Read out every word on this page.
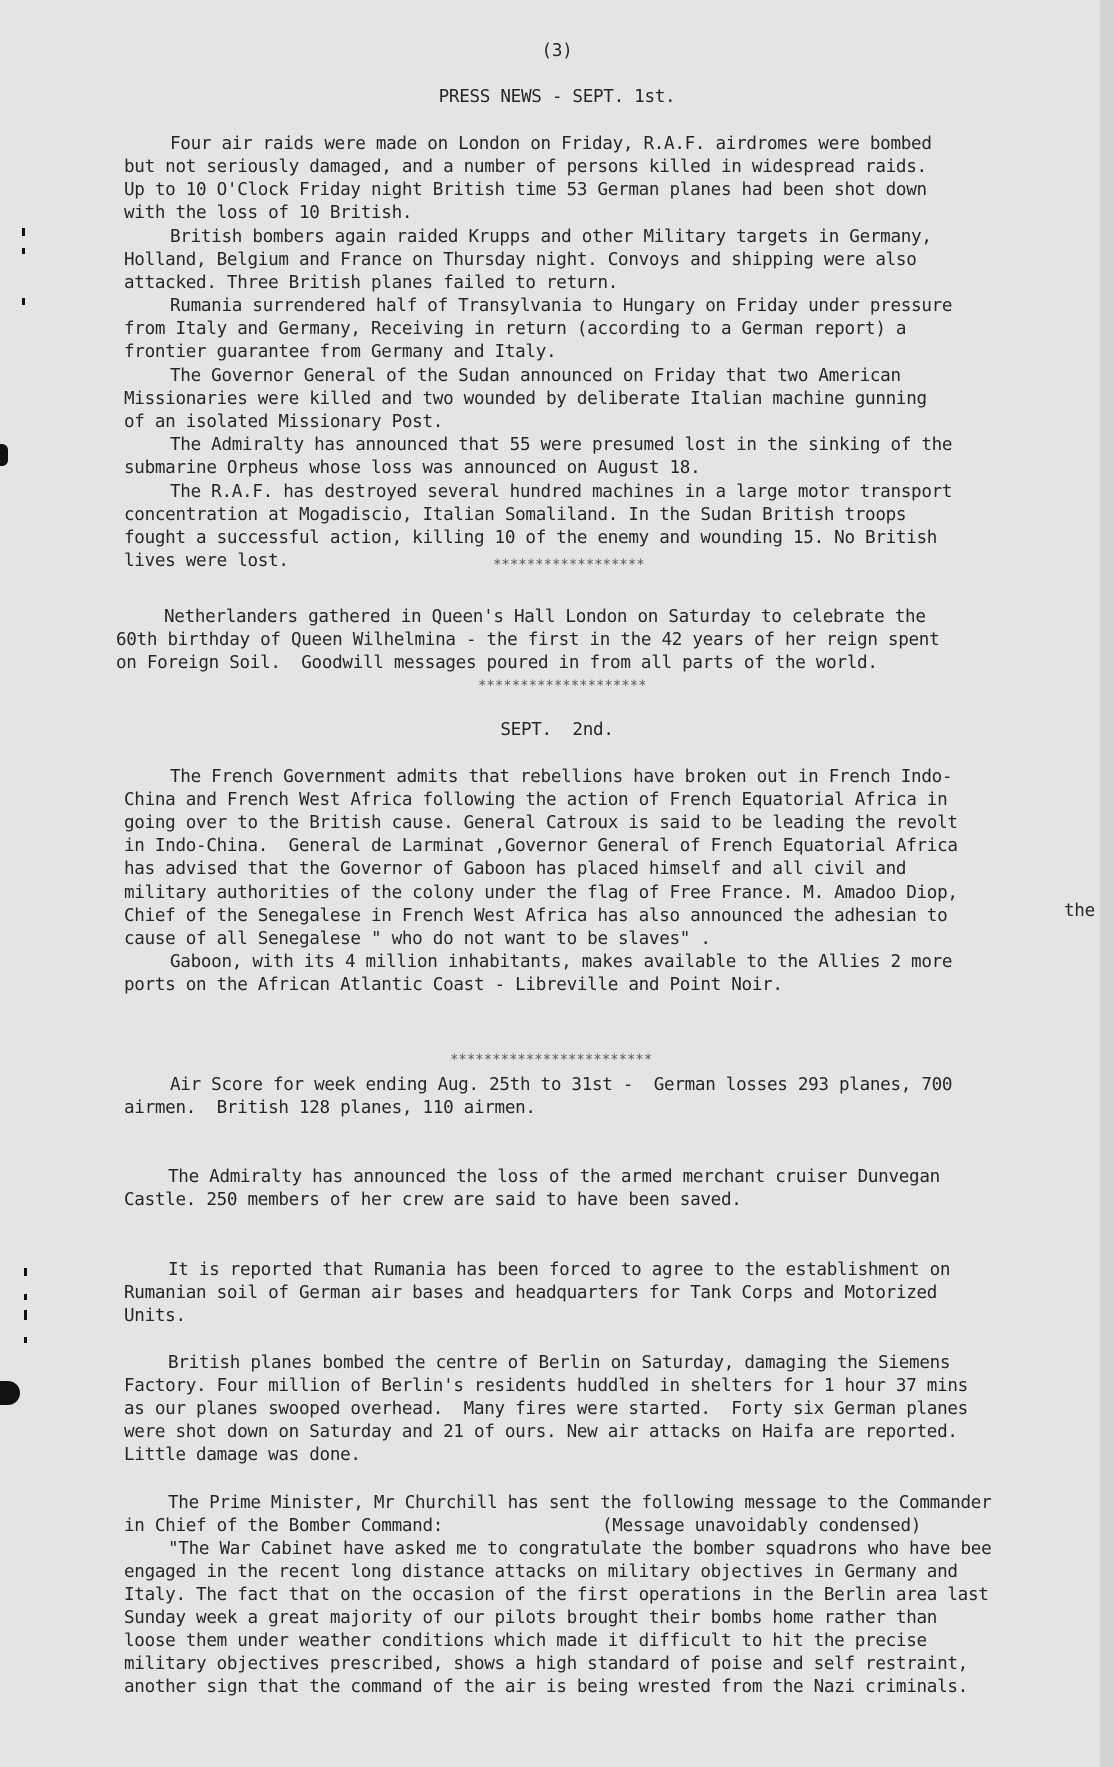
(3)
PRESS NEWS - SEPT. 1st.
Four air raids were made on London on Friday, R.A.F. airdromes were bombed
but not seriously damaged, and a number of persons killed in widespread raids.
Up to 10 O'Clock Friday night British time 53 German planes had been shot down
with the loss of 10 British.
British bombers again raided Krupps and other Military targets in Germany,
Holland, Belgium and France on Thursday night. Convoys and shipping were also
attacked. Three British planes failed to return.
Rumania surrendered half of Transylvania to Hungary on Friday under pressure
from Italy and Germany, Receiving in return (according to a German report) a
frontier guarantee from Germany and Italy.
The Governor General of the Sudan announced on Friday that two American
Missionaries were killed and two wounded by deliberate Italian machine gunning
of an isolated Missionary Post.
The Admiralty has announced that 55 were presumed lost in the sinking of the
submarine Orpheus whose loss was announced on August 18.
The R.A.F. has destroyed several hundred machines in a large motor transport
concentration at Mogadiscio, Italian Somaliland. In the Sudan British troops
fought a successful action, killing 10 of the enemy and wounding 15. No British
lives were lost.	******************
Netherlanders gathered in Queen's Hall London on Saturday to celebrate the
60th birthday of Queen Wilhelmina - the first in the 42 years of her reign spent
on Foreign Soil.  Goodwill messages poured in from all parts of the world.
********************
SEPT.  2nd.
The French Government admits that rebellions have broken out in French Indo-
China and French West Africa following the action of French Equatorial Africa in
going over to the British cause. General Catroux is said to be leading the revolt
in Indo-China.  General de Larminat ,Governor General of French Equatorial Africa
has advised that the Governor of Gaboon has placed himself and all civil and
military authorities of the colony under the flag of Free France. M. Amadoo Diop,
Chief of the Senegalese in French West Africa has also announced the adhesian to
cause of all Senegalese " who do not want to be slaves" .
Gaboon, with its 4 million inhabitants, makes available to the Allies 2 more
ports on the African Atlantic Coast - Libreville and Point Noir.
the
************************
Air Score for week ending Aug. 25th to 31st -  German losses 293 planes, 700
airmen.  British 128 planes, 110 airmen.
The Admiralty has announced the loss of the armed merchant cruiser Dunvegan
Castle. 250 members of her crew are said to have been saved.
It is reported that Rumania has been forced to agree to the establishment on
Rumanian soil of German air bases and headquarters for Tank Corps and Motorized
Units.
British planes bombed the centre of Berlin on Saturday, damaging the Siemens
Factory. Four million of Berlin's residents huddled in shelters for 1 hour 37 mins
as our planes swooped overhead.  Many fires were started.  Forty six German planes
were shot down on Saturday and 21 of ours. New air attacks on Haifa are reported.
Little damage was done.
The Prime Minister, Mr Churchill has sent the following message to the Commander
in Chief of the Bomber Command:
"The War Cabinet have asked me to congratulate the bomber squadrons who have bee
engaged in the recent long distance attacks on military objectives in Germany and
Italy. The fact that on the occasion of the first operations in the Berlin area last
Sunday week a great majority of our pilots brought their bombs home rather than
loose them under weather conditions which made it difficult to hit the precise
military objectives prescribed, shows a high standard of poise and self restraint,
another sign that the command of the air is being wrested from the Nazi criminals.
(Message unavoidably condensed)
